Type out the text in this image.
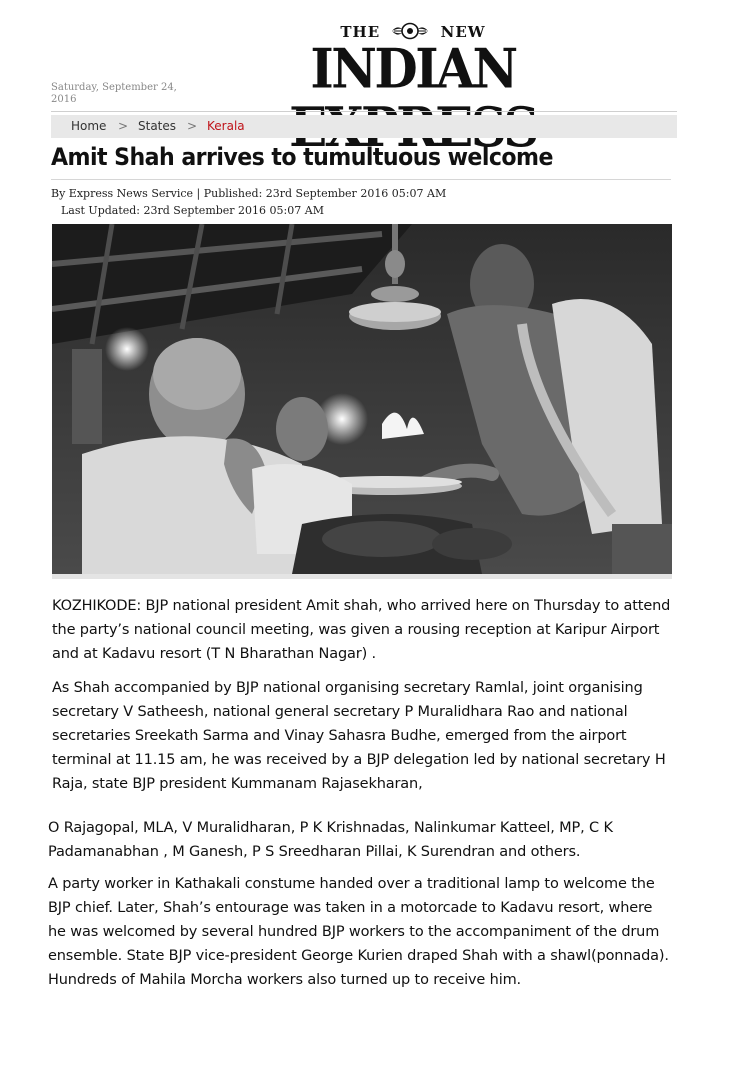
Saturday, September 24, 2016
THE	NEW
INDIAN
Home > States > Kerala
Amit Shah arrives to tumultuous welcome
By Express News Service | Published: 23rd September 2016 05:07 AM
Last Updated: 23rd September 2016 05:07 AM

KOZHIKODE: BJP national president Amit shah, who arrived here on Thursday to attend the party’s national council meeting, was given a rousing reception at Karipur Airport and at Kadavu resort (T N Bharathan Nagar) .

As Shah accompanied by BJP national organising secretary Ramlal, joint organising secretary V Satheesh, national general secretary P Muralidhara Rao and national secretaries Sreekath Sarma and Vinay Sahasra Budhe, emerged from the airport terminal at 11.15 am, he was received by a BJP delegation led by national secretary H Raja, state BJP president Kummanam Rajasekharan,

O Rajagopal, MLA, V Muralidharan, P K Krishnadas, Nalinkumar Katteel, MP, C K Padamanabhan , M Ganesh, P S Sreedharan Pillai, K Surendran and others.

A party worker in Kathakali constume handed over a traditional lamp to welcome the BJP chief. Later, Shah’s entourage was taken in a motorcade to Kadavu resort, where he was welcomed by several hundred BJP workers to the accompaniment of the drum ensemble. State BJP vice-president George Kurien draped Shah with a shawl(ponnada). Hundreds of Mahila Morcha workers also turned up to receive him.
